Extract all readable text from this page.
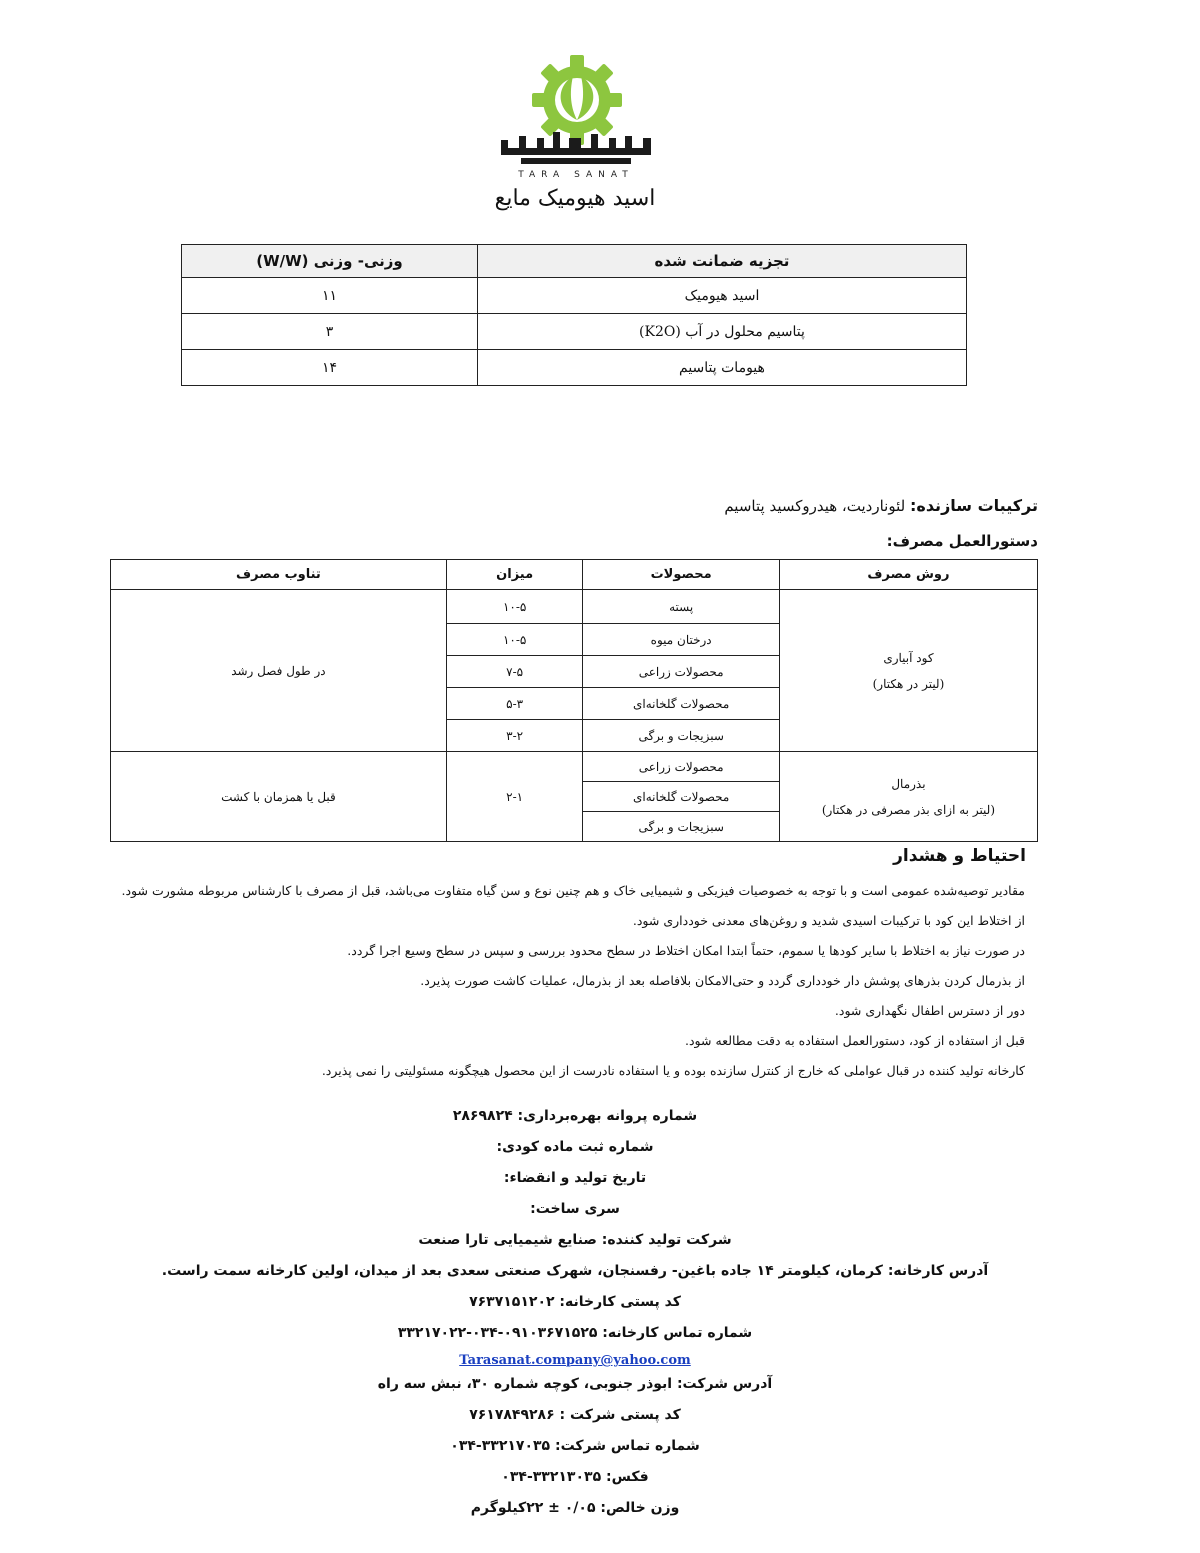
TARA SANAT
اسید هیومیک مایع
تجزیه ضمانت شده	وزنی- وزنی (W/W)
اسید هیومیک	۱۱
پتاسیم محلول در آب (K2O)	۳
هیومات پتاسیم	۱۴
ترکیبات سازنده: لئوناردیت، هیدروکسید پتاسیم
دستورالعمل مصرف:
روش مصرف	محصولات	میزان	تناوب مصرف

کود آبیاری
(لیتر در هکتار)	پسته	۱۰-۵	در طول فصل رشد
	درختان میوه	۱۰-۵	
	محصولات زراعی	۷-۵	
	محصولات گلخانه‌ای	۵-۳	
	سبزیجات و برگی	۳-۲	

بذرمال
(لیتر به ازای بذر مصرفی در هکتار)	محصولات زراعی	۲-۱	قبل یا همزمان با کشت
	محصولات گلخانه‌ای		
	سبزیجات و برگی		
احتیاط و هشدار
مقادیر توصیه‌شده عمومی است و با توجه به خصوصیات فیزیکی و شیمیایی خاک و هم چنین نوع و سن گیاه متفاوت می‌باشد، قبل از مصرف با کارشناس مربوطه مشورت شود.
از اختلاط این کود با ترکیبات اسیدی شدید و روغن‌های معدنی خودداری شود.
در صورت نیاز به اختلاط با سایر کودها یا سموم، حتماً ابتدا امکان اختلاط در سطح محدود بررسی و سپس در سطح وسیع اجرا گردد.
از بذرمال کردن بذرهای پوشش دار خودداری گردد و حتی‌الامکان بلافاصله بعد از بذرمال، عملیات کاشت صورت پذیرد.
دور از دسترس اطفال نگهداری شود.
قبل از استفاده از کود، دستورالعمل استفاده به دقت مطالعه شود.
کارخانه تولید کننده در قبال عواملی که خارج از کنترل سازنده بوده و یا استفاده نادرست از این محصول هیچگونه مسئولیتی را نمی پذیرد.
شماره پروانه بهره‌برداری: ۲۸۶۹۸۲۴
شماره ثبت ماده کودی:
تاریخ تولید و انقضاء:
سری ساخت:
شرکت تولید کننده: صنایع شیمیایی تارا صنعت
آدرس کارخانه: کرمان، کیلومتر ۱۴ جاده باغین- رفسنجان، شهرک صنعتی سعدی بعد از میدان، اولین کارخانه سمت راست.
کد پستی کارخانه: ۷۶۳۷۱۵۱۲۰۲
شماره تماس کارخانه: ۰۹۱۰۳۶۷۱۵۲۵-۰۳۴-۳۳۲۱۷۰۲۲
Tarasanat.company@yahoo.com
آدرس شرکت: ابوذر جنوبی، کوچه شماره ۳۰، نبش سه راه
کد پستی شرکت : ۷۶۱۷۸۴۹۲۸۶
شماره تماس شرکت: ۳۳۲۱۷۰۳۵-۰۳۴
فکس: ۳۳۲۱۳۰۳۵-۰۳۴
وزن خالص: ۰/۰۵ ± ۲۲کیلوگرم
